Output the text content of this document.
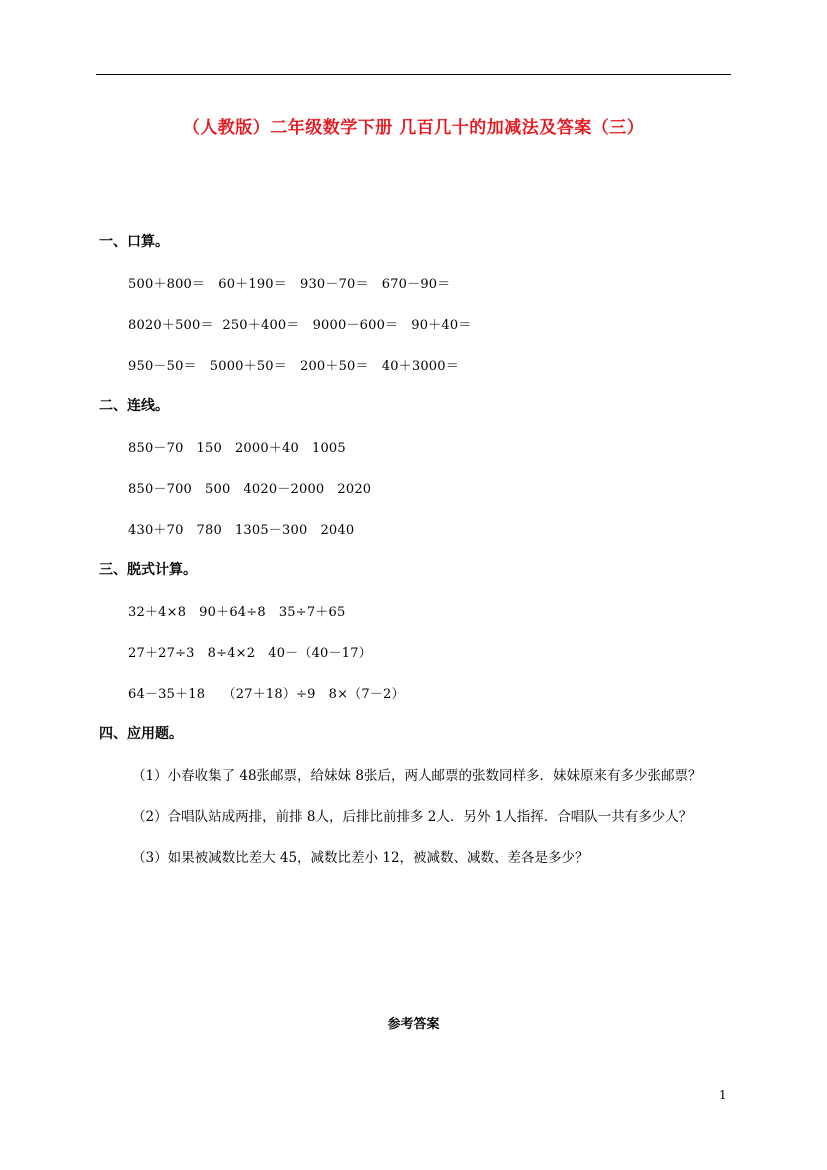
（人教版）二年级数学下册 几百几十的加减法及答案（三）
一、口算。
500＋800＝   60＋190＝   930－70＝   670－90＝
8020＋500＝  250＋400＝   9000－600＝   90＋40＝
950－50＝   5000＋50＝   200＋50＝   40＋3000＝
二、连线。
850－70   150   2000＋40   1005
850－700   500   4020－2000   2020
430＋70   780   1305－300   2040
三、脱式计算。
32＋4×8   90＋64÷8   35÷7＋65
27＋27÷3   8÷4×2   40－（40－17）
64－35＋18    （27＋18）÷9   8×（7－2）
四、应用题。
（1）小春收集了 48张邮票，给妹妹 8张后，两人邮票的张数同样多．妹妹原来有多少张邮票？
（2）合唱队站成两排，前排 8人，后排比前排多 2人．另外 1人指挥．合唱队一共有多少人？
（3）如果被减数比差大 45，减数比差小 12，被减数、减数、差各是多少？
参考答案
1
